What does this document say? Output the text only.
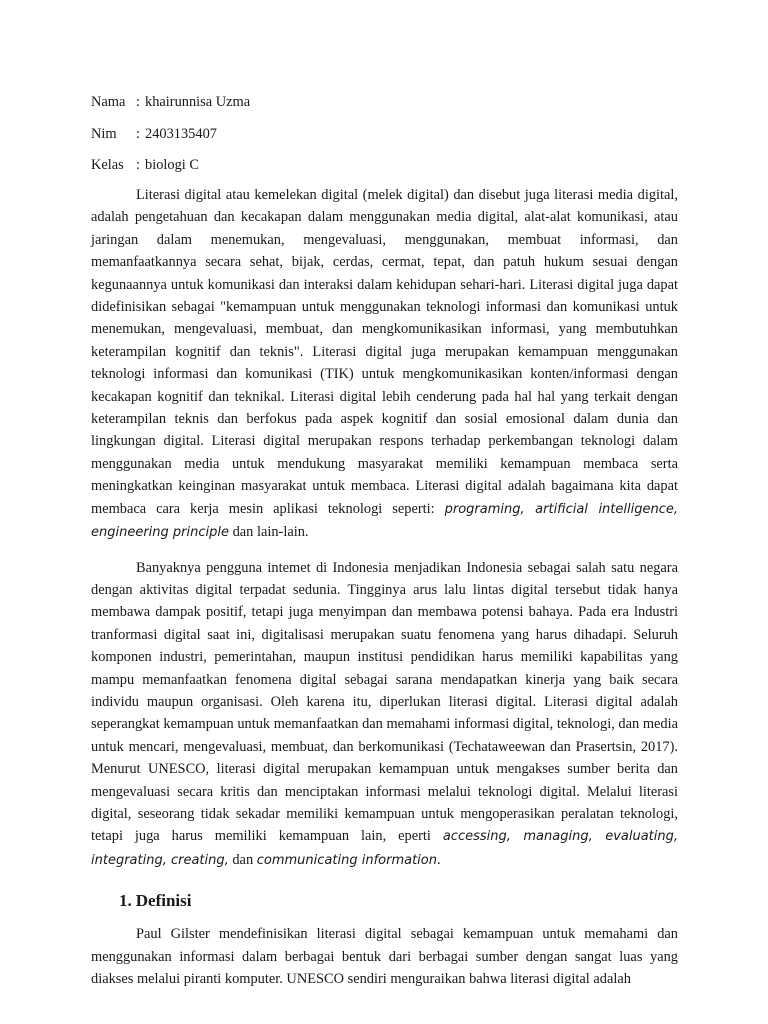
Nama : khairunnisa Uzma
Nim	: 2403135407
Kelas : biologi C

Literasi digital atau kemelekan digital (melek digital) dan disebut juga literasi media digital, adalah pengetahuan dan kecakapan dalam menggunakan media digital, alat-alat komunikasi, atau jaringan dalam menemukan, mengevaluasi, menggunakan, membuat informasi, dan memanfaatkannya secara sehat, bijak, cerdas, cermat, tepat, dan patuh hukum sesuai dengan kegunaannya untuk komunikasi dan interaksi dalam kehidupan sehari-hari. Literasi digital juga dapat didefinisikan sebagai "kemampuan untuk menggunakan teknologi informasi dan komunikasi untuk menemukan, mengevaluasi, membuat, dan mengkomunikasikan informasi, yang membutuhkan keterampilan kognitif dan teknis". Literasi digital juga merupakan kemampuan menggunakan teknologi informasi dan komunikasi (TIK) untuk mengkomunikasikan konten/informasi dengan kecakapan kognitif dan teknikal. Literasi digital lebih cenderung pada hal hal yang terkait dengan keterampilan teknis dan berfokus pada aspek kognitif dan sosial emosional dalam dunia dan lingkungan digital. Literasi digital merupakan respons terhadap perkembangan teknologi dalam menggunakan media untuk mendukung masyarakat memiliki kemampuan membaca serta meningkatkan keinginan masyarakat untuk membaca. Literasi digital adalah bagaimana kita dapat membaca cara kerja mesin aplikasi teknologi seperti: programing, artificial intelligence, engineering principle dan lain-lain.

Banyaknya pengguna intemet di Indonesia menjadikan Indonesia sebagai salah satu negara dengan aktivitas digital terpadat sedunia. Tingginya arus lalu lintas digital tersebut tidak hanya membawa dampak positif, tetapi juga menyimpan dan membawa potensi bahaya. Pada era lndustri tranformasi digital saat ini, digitalisasi merupakan suatu fenomena yang harus dihadapi. Seluruh komponen industri, pemerintahan, maupun institusi pendidikan harus memiliki kapabilitas yang mampu memanfaatkan fenomena digital sebagai sarana mendapatkan kinerja yang baik secara individu maupun organisasi. Oleh karena itu, diperlukan literasi digital. Literasi digital adalah seperangkat kemampuan untuk memanfaatkan dan memahami informasi digital, teknologi, dan media untuk mencari, mengevaluasi, membuat, dan berkomunikasi (Techataweewan dan Prasertsin, 2017). Menurut UNESCO, literasi digital merupakan kemampuan untuk mengakses sumber berita dan mengevaluasi secara kritis dan menciptakan informasi melalui teknologi digital. Melalui literasi digital, seseorang tidak sekadar memiliki kemampuan untuk mengoperasikan peralatan teknologi, tetapi juga harus memiliki kemampuan lain, eperti accessing, managing, evaluating, integrating, creating, dan communicating information.

1. Definisi

Paul Gilster mendefinisikan literasi digital sebagai kemampuan untuk memahami dan menggunakan informasi dalam berbagai bentuk dari berbagai sumber dengan sangat luas yang diakses melalui piranti komputer. UNESCO sendiri menguraikan bahwa literasi digital adalah
